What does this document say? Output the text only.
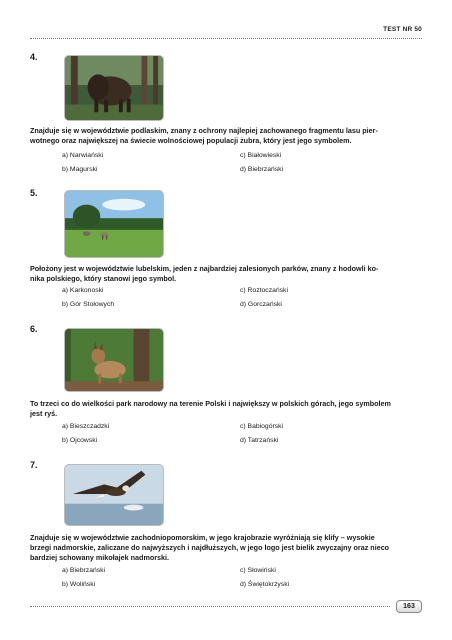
TEST NR 50
4.
Znajduje się w województwie podlaskim, znany z ochrony najlepiej zachowanego fragmentu lasu pier-
wotnego oraz największej na świecie wolnościowej populacji żubra, który jest jego symbolem.
a) Narwiański
b) Magurski
c) Białowieski
d) Biebrzański
5.
Położony jest w województwie lubelskim, jeden z najbardziej zalesionych parków, znany z hodowli ko-
nika polskiego, który stanowi jego symbol.
a) Karkonoski
b) Gór Stołowych
c) Roztoczański
d) Gorczański
6.
To trzeci co do wielkości park narodowy na terenie Polski i największy w polskich górach, jego symbolem
jest ryś.
a) Bieszczadzki
b) Ojcowski
c) Babiogórski
d) Tatrzański
7.
Znajduje się w województwie zachodniopomorskim, w jego krajobrazie wyróżniają się klify – wysokie
brzegi nadmorskie, zaliczane do najwyższych i najdłuższych, w jego logo jest bielik zwyczajny oraz nieco
bardziej schowany mikołajek nadmorski.
a) Biebrzański
b) Woliński
c) Słowiński
d) Świętokrzyski
163
